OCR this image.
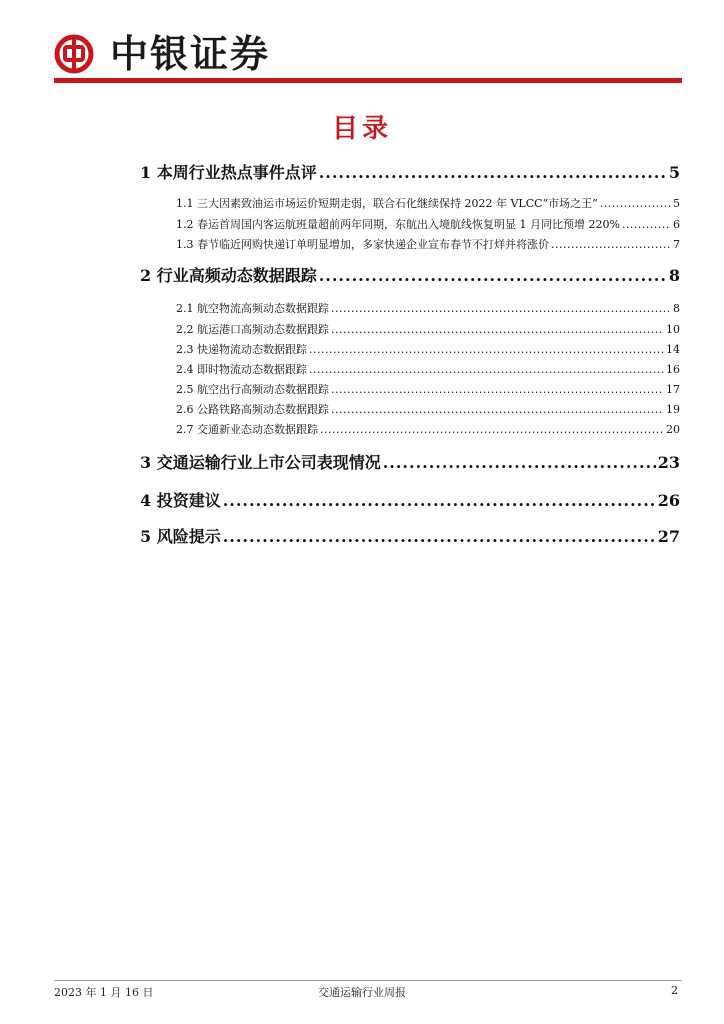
中银证券
目录
1 本周行业热点事件点评 .....	5
1.1 三大因素致油运市场运价短期走弱，联合石化继续保持 2022 年 VLCC“市场之王” .....	5
1.2 春运首周国内客运航班量超前两年同期，东航出入境航线恢复明显 1 月同比预增 220% .....	6
1.3 春节临近网购快递订单明显增加，多家快递企业宣布春节不打烊并将涨价 .....	7
2 行业高频动态数据跟踪 .....	8
2.1 航空物流高频动态数据跟踪 .....	8
2.2 航运港口高频动态数据跟踪 .....	10
2.3 快递物流动态数据跟踪 .....	14
2.4 即时物流动态数据跟踪 .....	16
2.5 航空出行高频动态数据跟踪 .....	17
2.6 公路铁路高频动态数据跟踪 .....	19
2.7 交通新业态动态数据跟踪 .....	20
3 交通运输行业上市公司表现情况 .....	23
4 投资建议 .....	26
5 风险提示 .....	27
2023 年 1 月 16 日	交通运输行业周报	2
